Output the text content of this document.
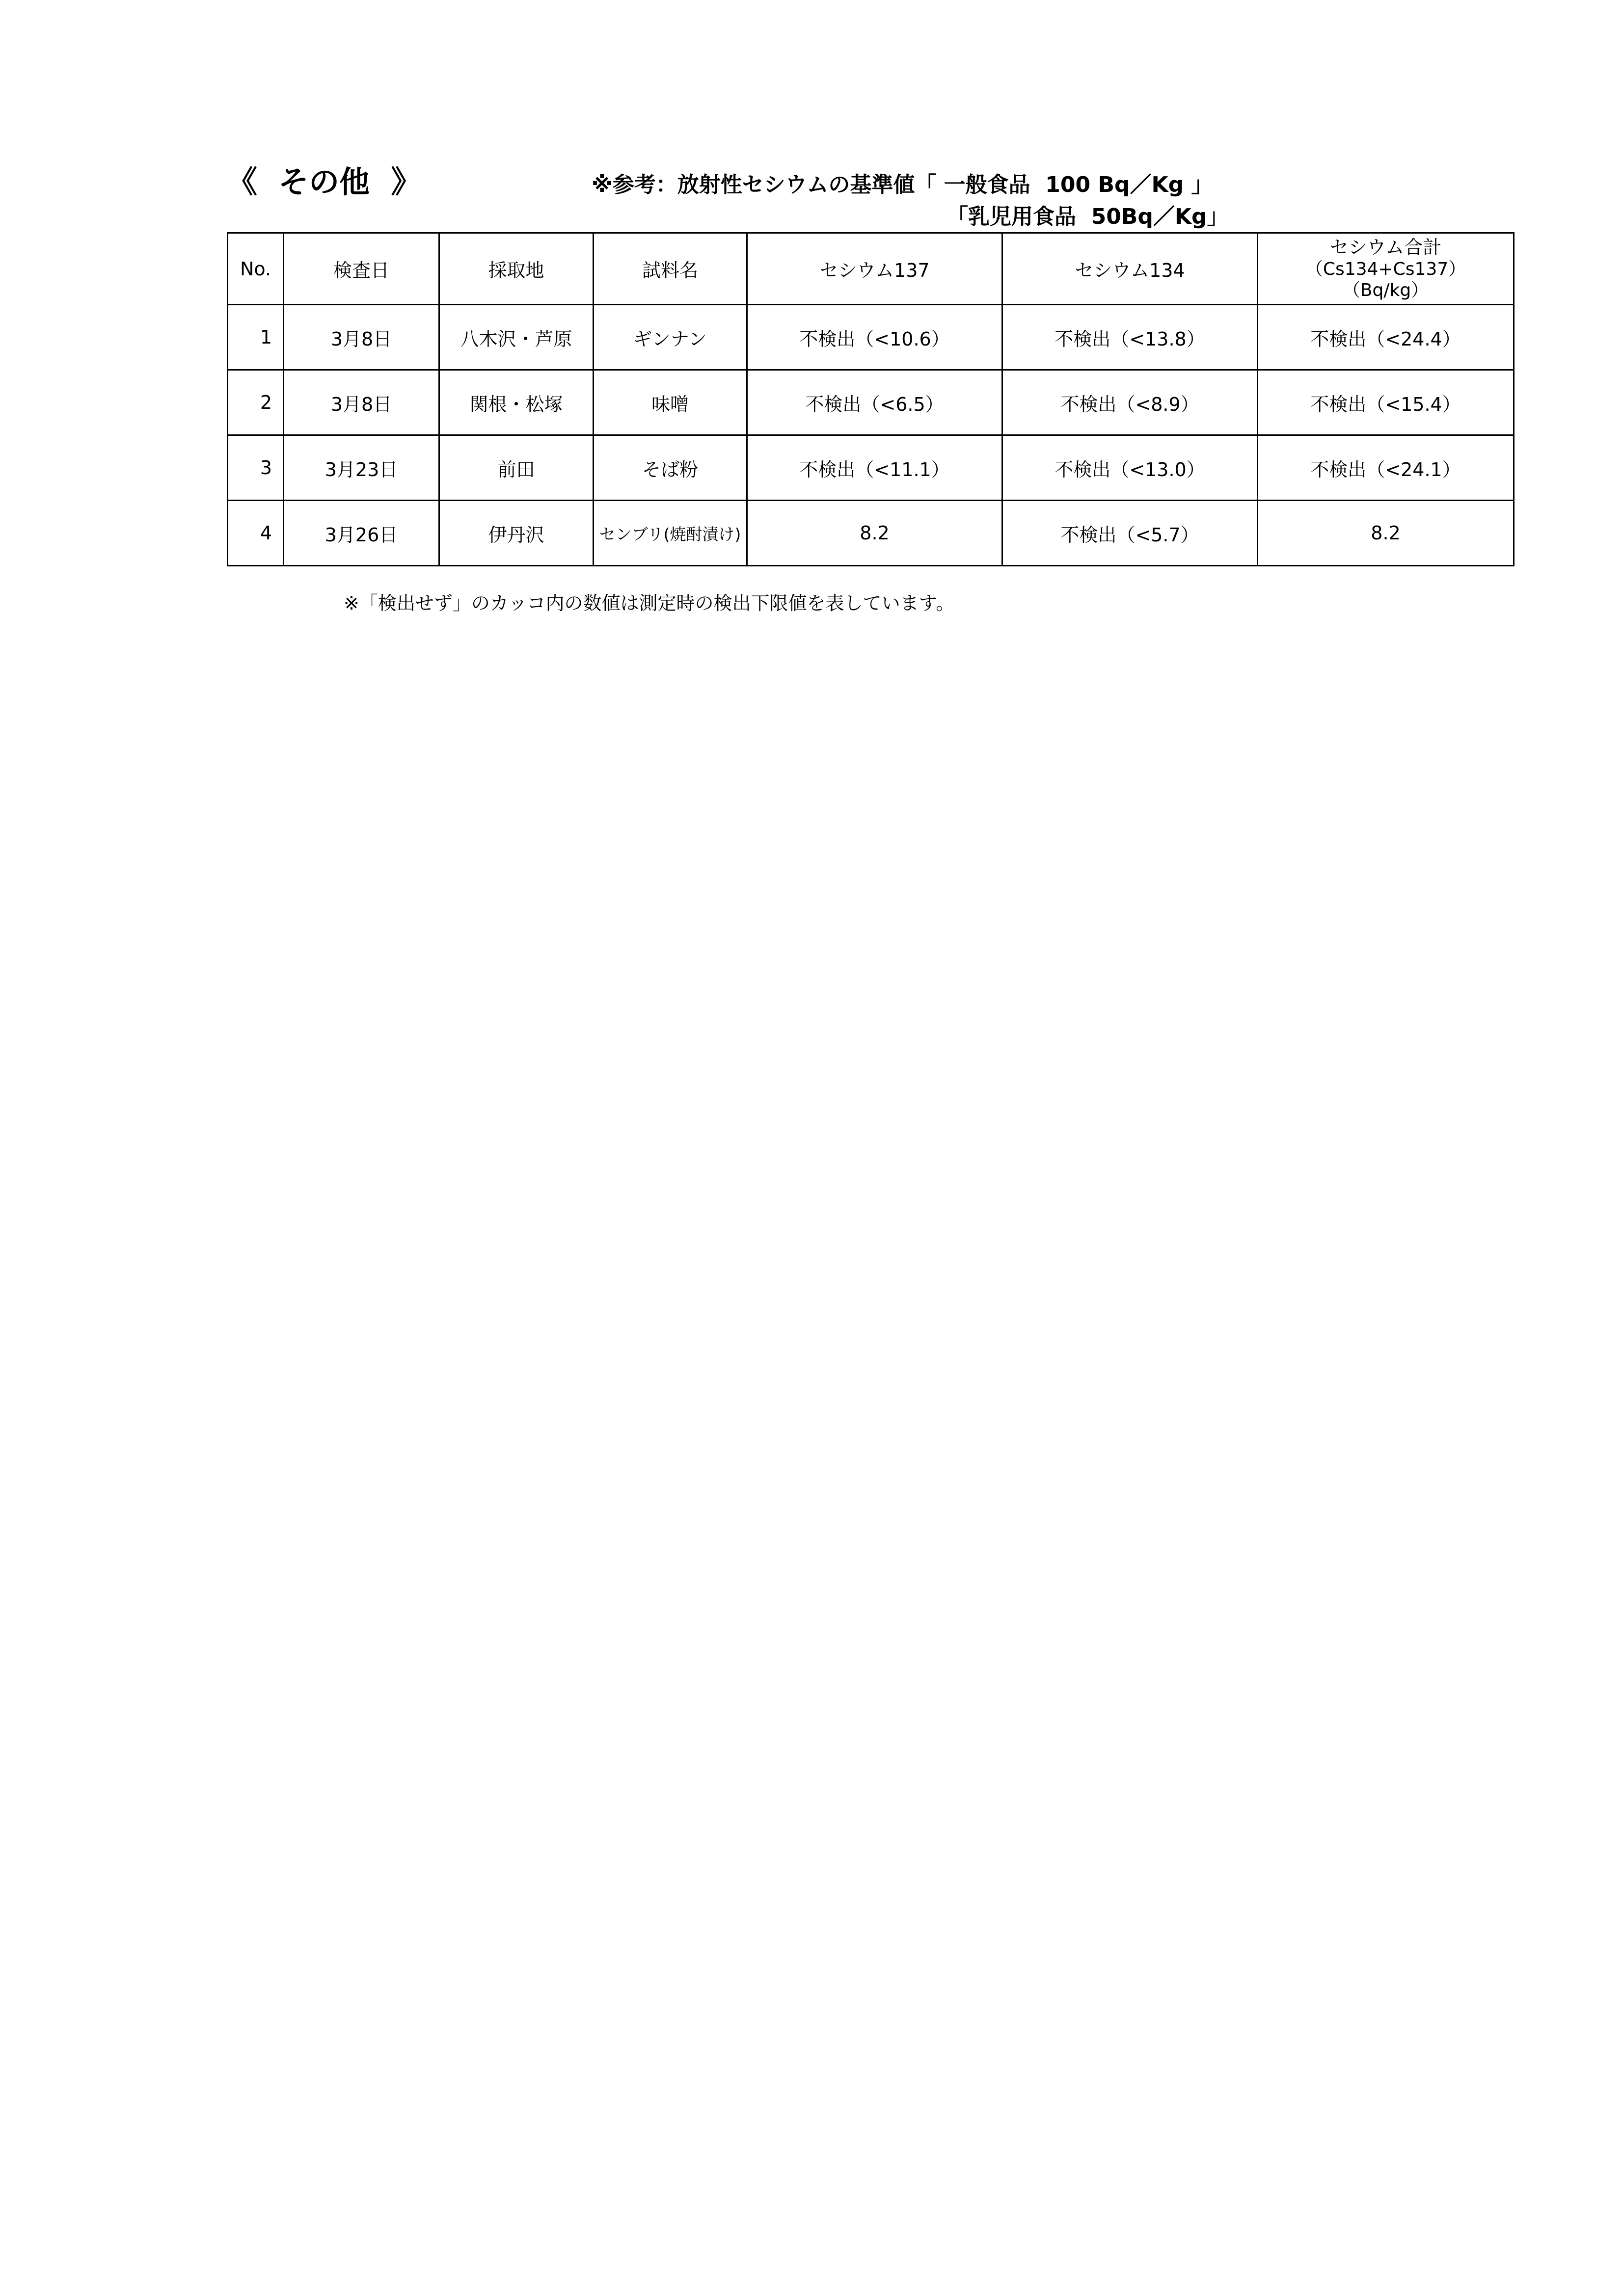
《  その他  》	※参考：放射性セシウムの基準値「 一般食品  100 Bq／Kg 」
「乳児用食品  50Bq／Kg」
No.	検査日	採取地	試料名	セシウム137	セシウム134	セシウム合計
（Cs134+Cs137）
（Bq/kg）

1	3月8日	八木沢・芦原	ギンナン	不検出（<10.6）	不検出（<13.8）	不検出（<24.4）
2	3月8日	関根・松塚	味噌	不検出（<6.5）	不検出（<8.9）	不検出（<15.4）
3	3月23日	前田	そば粉	不検出（<11.1）	不検出（<13.0）	不検出（<24.1）
4	3月26日	伊丹沢	センブリ(焼酎漬け)	8.2	不検出（<5.7）	8.2
※「検出せず」のカッコ内の数値は測定時の検出下限値を表しています。
